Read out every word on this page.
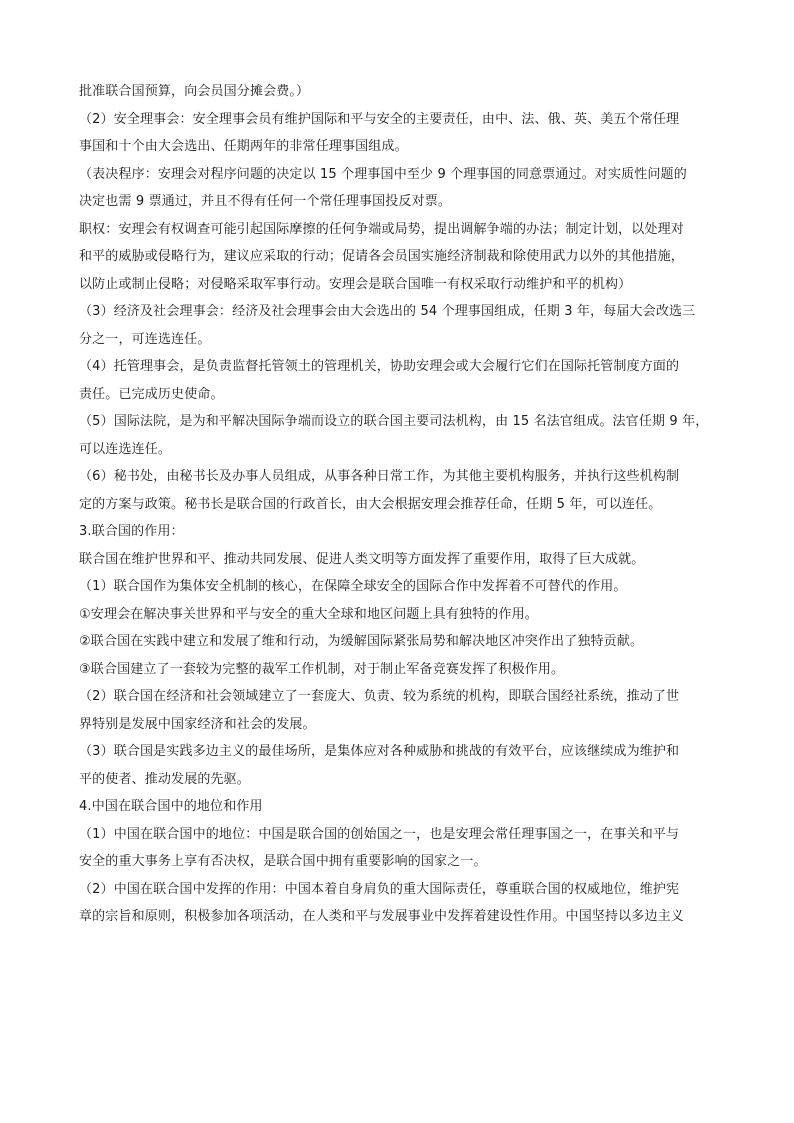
批准联合国预算，向会员国分摊会费。）
（2）安全理事会：安全理事会员有维护国际和平与安全的主要责任，由中、法、俄、英、美五个常任理
事国和十个由大会选出、任期两年的非常任理事国组成。
（表决程序：安理会对程序问题的决定以 15 个理事国中至少 9 个理事国的同意票通过。对实质性问题的
决定也需 9 票通过，并且不得有任何一个常任理事国投反对票。
职权：安理会有权调查可能引起国际摩擦的任何争端或局势，提出调解争端的办法；制定计划，以处理对
和平的威胁或侵略行为，建议应采取的行动；促请各会员国实施经济制裁和除使用武力以外的其他措施，
以防止或制止侵略；对侵略采取军事行动。安理会是联合国唯一有权采取行动维护和平的机构）
（3）经济及社会理事会：经济及社会理事会由大会选出的 54 个理事国组成，任期 3 年，每届大会改选三
分之一，可连选连任。
（4）托管理事会，是负责监督托管领土的管理机关，协助安理会或大会履行它们在国际托管制度方面的
责任。已完成历史使命。
（5）国际法院，是为和平解决国际争端而设立的联合国主要司法机构，由 15 名法官组成。法官任期 9 年，
可以连选连任。
（6）秘书处，由秘书长及办事人员组成，从事各种日常工作，为其他主要机构服务，并执行这些机构制
定的方案与政策。秘书长是联合国的行政首长，由大会根据安理会推荐任命，任期 5 年，可以连任。
3.联合国的作用：
联合国在维护世界和平、推动共同发展、促进人类文明等方面发挥了重要作用，取得了巨大成就。
（1）联合国作为集体安全机制的核心，在保障全球安全的国际合作中发挥着不可替代的作用。
①安理会在解决事关世界和平与安全的重大全球和地区问题上具有独特的作用。
②联合国在实践中建立和发展了维和行动，为缓解国际紧张局势和解决地区冲突作出了独特贡献。
③联合国建立了一套较为完整的裁军工作机制，对于制止军备竞赛发挥了积极作用。
（2）联合国在经济和社会领域建立了一套庞大、负责、较为系统的机构，即联合国经社系统，推动了世
界特别是发展中国家经济和社会的发展。
（3）联合国是实践多边主义的最佳场所，是集体应对各种威胁和挑战的有效平台，应该继续成为维护和
平的使者、推动发展的先驱。
4.中国在联合国中的地位和作用
（1）中国在联合国中的地位：中国是联合国的创始国之一，也是安理会常任理事国之一，在事关和平与
安全的重大事务上享有否决权，是联合国中拥有重要影响的国家之一。
（2）中国在联合国中发挥的作用：中国本着自身肩负的重大国际责任，尊重联合国的权威地位，维护宪
章的宗旨和原则，积极参加各项活动，在人类和平与发展事业中发挥着建设性作用。中国坚持以多边主义
